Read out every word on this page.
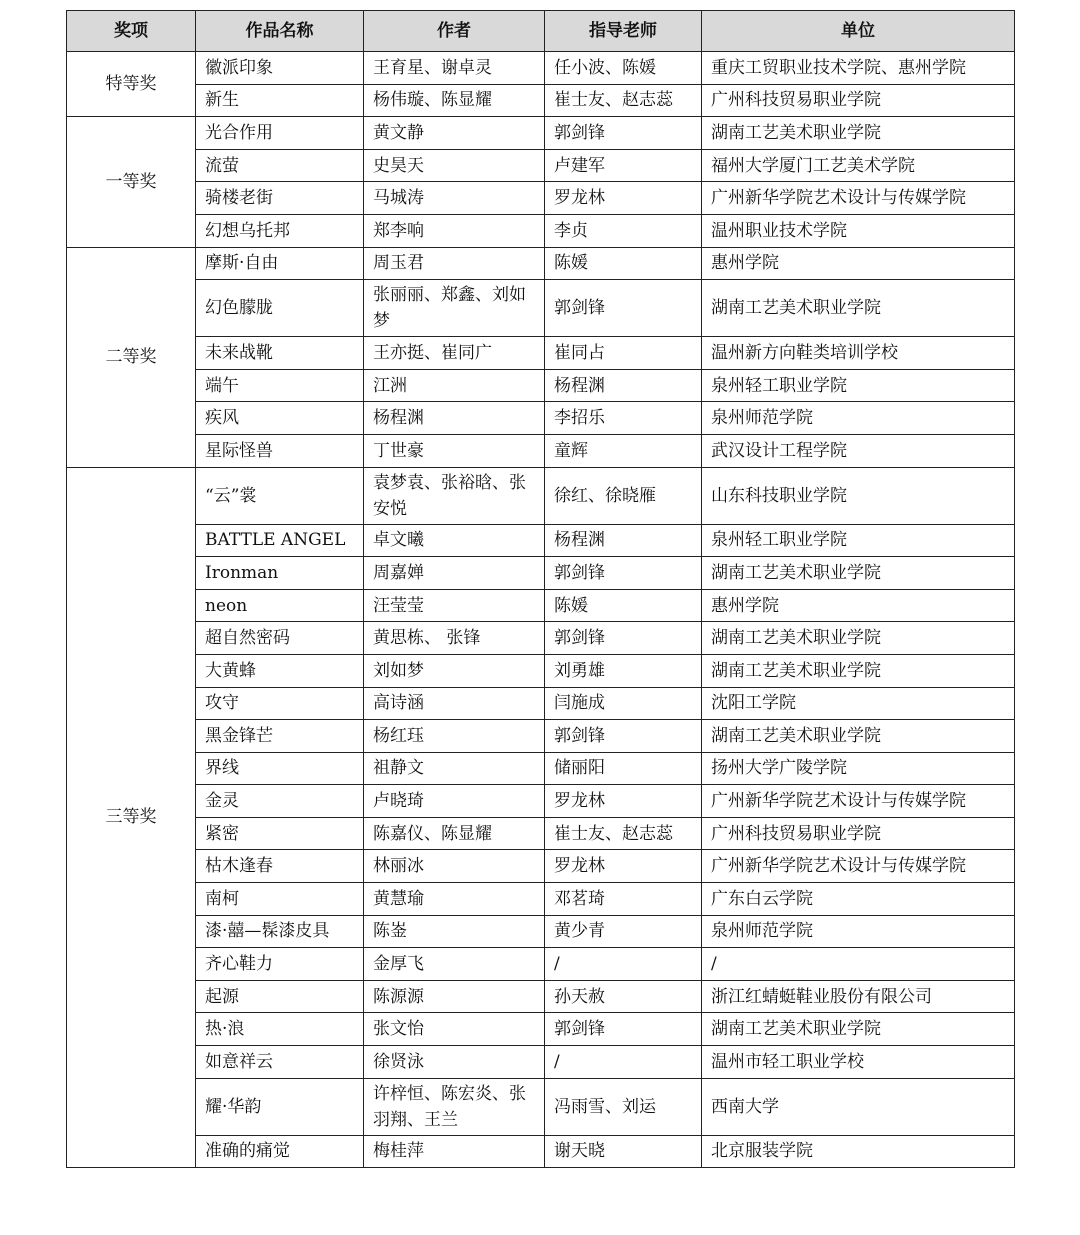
奖项	作品名称	作者	指导老师	单位
特等奖	徽派印象	王育星、谢卓灵	任小波、陈媛	重庆工贸职业技术学院、惠州学院
	新生	杨伟璇、陈显耀	崔士友、赵志蕊	广州科技贸易职业学院
一等奖	光合作用	黄文静	郭剑锋	湖南工艺美术职业学院
	流萤	史昊天	卢建军	福州大学厦门工艺美术学院
	骑楼老街	马城涛	罗龙林	广州新华学院艺术设计与传媒学院
	幻想乌托邦	郑李响	李贞	温州职业技术学院
二等奖	摩斯·自由	周玉君	陈媛	惠州学院
	幻色朦胧	张丽丽、郑鑫、刘如梦	郭剑锋	湖南工艺美术职业学院
	未来战靴	王亦挺、崔同广	崔同占	温州新方向鞋类培训学校
	端午	江洲	杨程渊	泉州轻工职业学院
	疾风	杨程渊	李招乐	泉州师范学院
	星际怪兽	丁世豪	童辉	武汉设计工程学院
三等奖	“云”裳	袁梦袁、张裕晗、张安悦	徐红、徐晓雁	山东科技职业学院
	BATTLE ANGEL	卓文曦	杨程渊	泉州轻工职业学院
	Ironman	周嘉婵	郭剑锋	湖南工艺美术职业学院
	neon	汪莹莹	陈媛	惠州学院
	超自然密码	黄思栋、 张锋	郭剑锋	湖南工艺美术职业学院
	大黄蜂	刘如梦	刘勇雄	湖南工艺美术职业学院
	攻守	高诗涵	闫施成	沈阳工学院
	黑金锋芒	杨红珏	郭剑锋	湖南工艺美术职业学院
	界线	祖静文	储丽阳	扬州大学广陵学院
	金灵	卢晓琦	罗龙林	广州新华学院艺术设计与传媒学院
	紧密	陈嘉仪、陈显耀	崔士友、赵志蕊	广州科技贸易职业学院
	枯木逢春	林丽冰	罗龙林	广州新华学院艺术设计与传媒学院
	南柯	黄慧瑜	邓茗琦	广东白云学院
	漆·囍—髹漆皮具	陈崟	黄少青	泉州师范学院
	齐心鞋力	金厚飞	/	/
	起源	陈源源	孙天赦	浙江红蜻蜓鞋业股份有限公司
	热·浪	张文怡	郭剑锋	湖南工艺美术职业学院
	如意祥云	徐贤泳	/	温州市轻工职业学校
	耀·华韵	许梓恒、陈宏炎、张羽翔、王兰	冯雨雪、刘运	西南大学
	准确的痛觉	梅桂萍	谢天晓	北京服装学院
